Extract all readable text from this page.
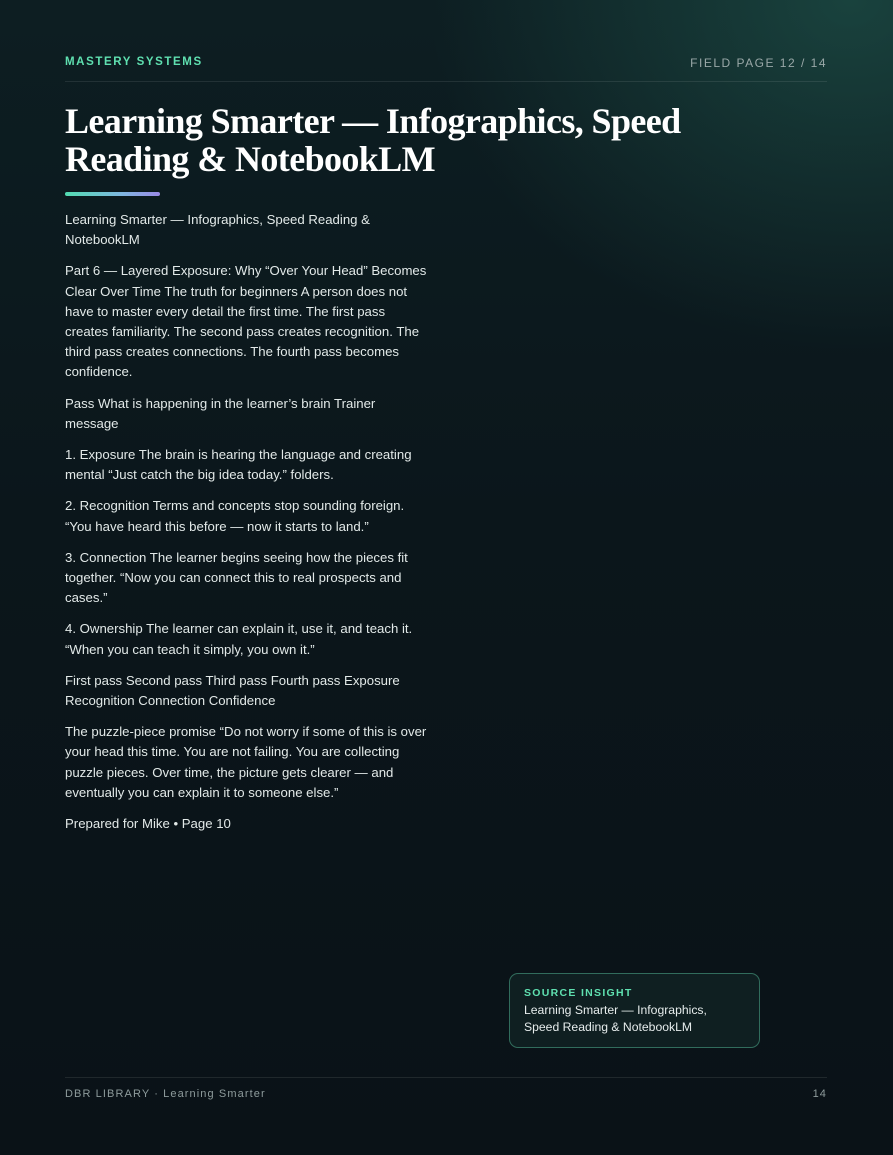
MASTERY SYSTEMS	FIELD PAGE 12 / 14
Learning Smarter — Infographics, Speed Reading & NotebookLM

Learning Smarter — Infographics, Speed Reading & NotebookLM

Part 6 — Layered Exposure: Why “Over Your Head” Becomes Clear Over Time The truth for beginners A person does not have to master every detail the first time. The first pass creates familiarity. The second pass creates recognition. The third pass creates connections. The fourth pass becomes confidence.

Pass What is happening in the learner’s brain Trainer message

1. Exposure The brain is hearing the language and creating mental “Just catch the big idea today.” folders.

2. Recognition Terms and concepts stop sounding foreign. “You have heard this before — now it starts to land.”

3. Connection The learner begins seeing how the pieces fit together. “Now you can connect this to real prospects and cases.”

4. Ownership The learner can explain it, use it, and teach it. “When you can teach it simply, you own it.”

First pass Second pass Third pass Fourth pass Exposure Recognition Connection Confidence

The puzzle-piece promise “Do not worry if some of this is over your head this time. You are not failing. You are collecting puzzle pieces. Over time, the picture gets clearer — and eventually you can explain it to someone else.”

Prepared for Mike • Page 10

SOURCE INSIGHT
Learning Smarter — Infographics, Speed Reading & NotebookLM
DBR LIBRARY · Learning Smarter	14
